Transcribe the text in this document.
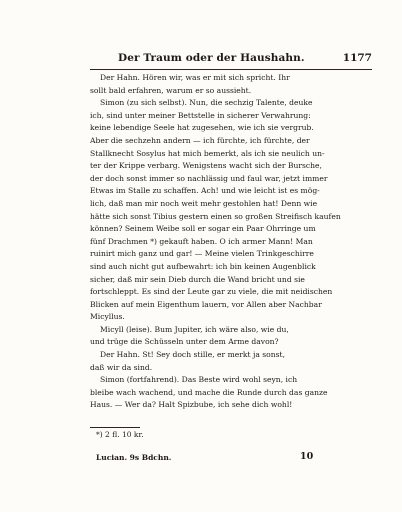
Der Traum oder der Haushahn.	1177
Der Hahn. Hören wir, was er mit sich spricht. Ihr
sollt bald erfahren, warum er so aussieht.
Simon (zu sich selbst). Nun, die sechzig Talente, deuke
ich, sind unter meiner Bettstelle in sicherer Verwahrung:
keine lebendige Seele hat zugesehen, wie ich sie vergrub.
Aber die sechzehn andern — ich fürchte, ich fürchte, der
Stallknecht Sosylus hat mich bemerkt, als ich sie neulich un-
ter der Krippe verbarg. Wenigstens wacht sich der Bursche,
der doch sonst immer so nachlässig und faul war, jetzt immer
Etwas im Stalle zu schaffen. Ach! und wie leicht ist es mög-
lich, daß man mir noch weit mehr gestohlen hat! Denn wie
hätte sich sonst Tibius gestern einen so großen Streifisch kaufen
können? Seinem Weibe soll er sogar ein Paar Ohrringe um
fünf Drachmen *) gekauft haben. O ich armer Mann! Man
ruinirt mich ganz und gar! — Meine vielen Trinkgeschirre
sind auch nicht gut aufbewahrt: ich bin keinen Augenblick
sicher, daß mir sein Dieb durch die Wand bricht und sie
fortschleppt. Es sind der Leute gar zu viele, die mit neidischen
Blicken auf mein Eigenthum lauern, vor Allen aber Nachbar
Micyllus.
Micyll (leise). Bum Jupiter, ich wäre also, wie du,
und trüge die Schüsseln unter dem Arme davon?
Der Hahn. St! Sey doch stille, er merkt ja sonst,
daß wir da sind.
Simon (fortfahrend). Das Beste wird wohl seyn, ich
bleibe wach wachend, und mache die Runde durch das ganze
Haus. — Wer da? Halt Spizbube, ich sehe dich wohl!
*) 2 fl. 10 kr.
Lucian. 9s Bdchn.	10
